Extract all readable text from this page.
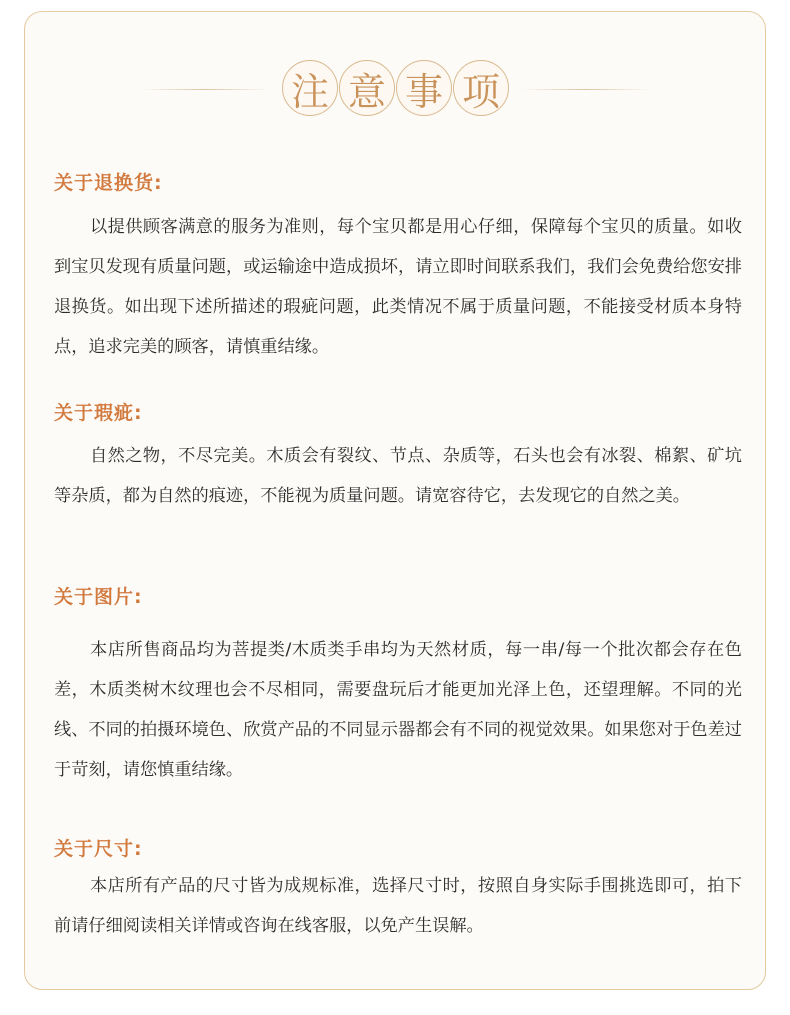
注 意 事 项
关于退换货:

以提供顾客满意的服务为准则，每个宝贝都是用心仔细，保障每个宝贝的质量。如收到宝贝发现有质量问题，或运输途中造成损坏，请立即时间联系我们，我们会免费给您安排退换货。如出现下述所描述的瑕疵问题，此类情况不属于质量问题，不能接受材质本身特点，追求完美的顾客，请慎重结缘。

关于瑕疵:

自然之物，不尽完美。木质会有裂纹、节点、杂质等，石头也会有冰裂、棉絮、矿坑等杂质，都为自然的痕迹，不能视为质量问题。请宽容待它，去发现它的自然之美。

关于图片:

本店所售商品均为菩提类/木质类手串均为天然材质，每一串/每一个批次都会存在色差，木质类树木纹理也会不尽相同，需要盘玩后才能更加光泽上色，还望理解。不同的光线、不同的拍摄环境色、欣赏产品的不同显示器都会有不同的视觉效果。如果您对于色差过于苛刻，请您慎重结缘。

关于尺寸:

本店所有产品的尺寸皆为成规标准，选择尺寸时，按照自身实际手围挑选即可，拍下前请仔细阅读相关详情或咨询在线客服，以免产生误解。
